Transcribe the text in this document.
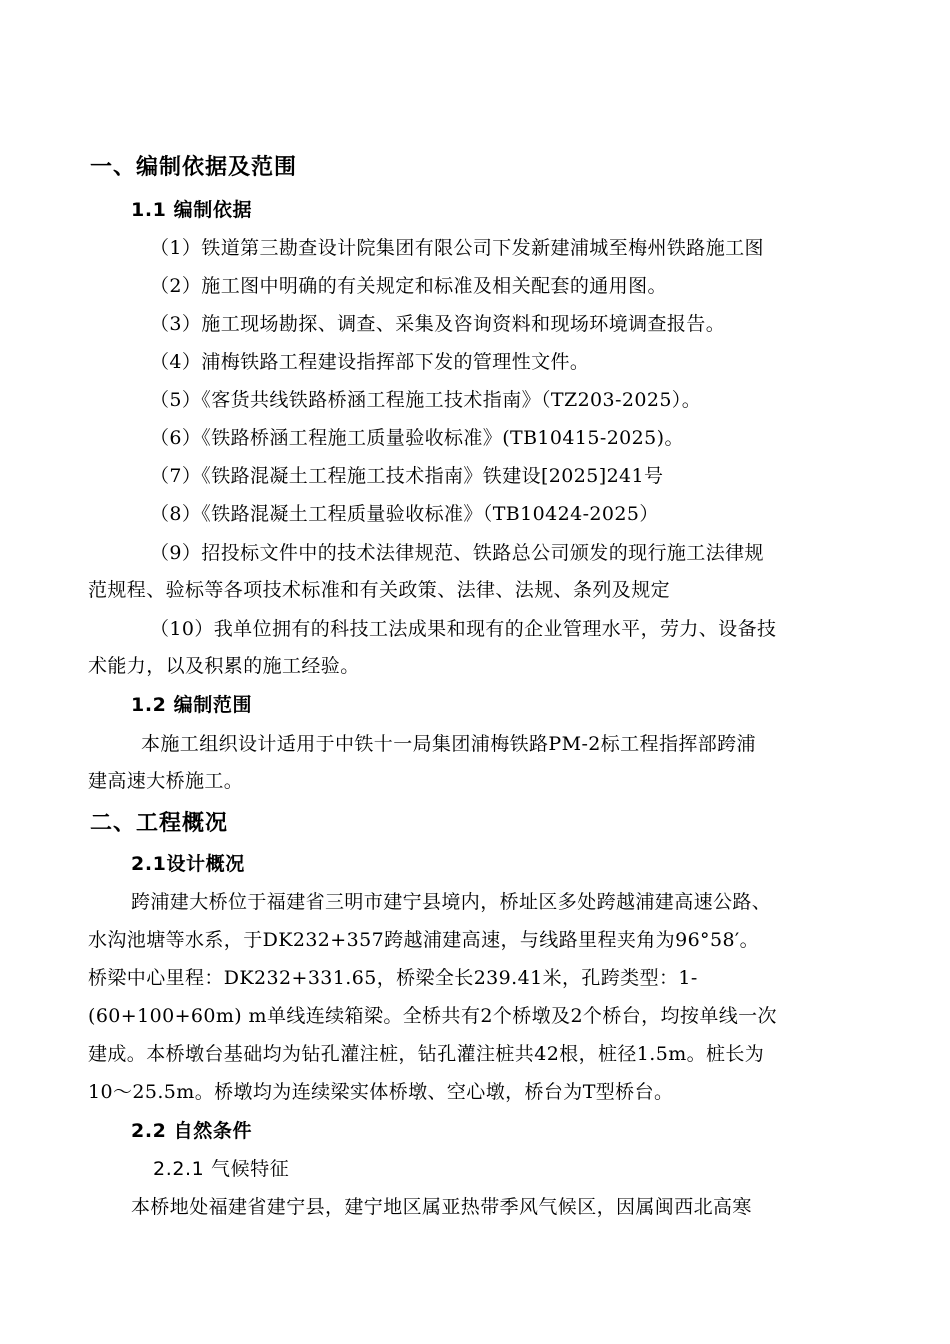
一、编制依据及范围
1.1 编制依据
（1）铁道第三勘查设计院集团有限公司下发新建浦城至梅州铁路施工图
（2）施工图中明确的有关规定和标准及相关配套的通用图。
（3）施工现场勘探、调查、采集及咨询资料和现场环境调查报告。
（4）浦梅铁路工程建设指挥部下发的管理性文件。
（5）《客货共线铁路桥涵工程施工技术指南》（TZ203-2025）。
（6）《铁路桥涵工程施工质量验收标准》(TB10415-2025)。
（7）《铁路混凝土工程施工技术指南》铁建设[2025]241号
（8）《铁路混凝土工程质量验收标准》（TB10424-2025）
（9）招投标文件中的技术法律规范、铁路总公司颁发的现行施工法律规
范规程、验标等各项技术标准和有关政策、法律、法规、条列及规定
（10）我单位拥有的科技工法成果和现有的企业管理水平，劳力、设备技
术能力，以及积累的施工经验。
1.2 编制范围
本施工组织设计适用于中铁十一局集团浦梅铁路PM-2标工程指挥部跨浦
建高速大桥施工。
二、工程概况
2.1设计概况
跨浦建大桥位于福建省三明市建宁县境内，桥址区多处跨越浦建高速公路、
水沟池塘等水系，于DK232+357跨越浦建高速，与线路里程夹角为96°58′。
桥梁中心里程：DK232+331.65，桥梁全长239.41米，孔跨类型：1-
(60+100+60m) m单线连续箱梁。全桥共有2个桥墩及2个桥台，均按单线一次
建成。本桥墩台基础均为钻孔灌注桩，钻孔灌注桩共42根，桩径1.5m。桩长为
10～25.5m。桥墩均为连续梁实体桥墩、空心墩，桥台为T型桥台。
2.2 自然条件
2.2.1 气候特征
本桥地处福建省建宁县，建宁地区属亚热带季风气候区，因属闽西北高寒
